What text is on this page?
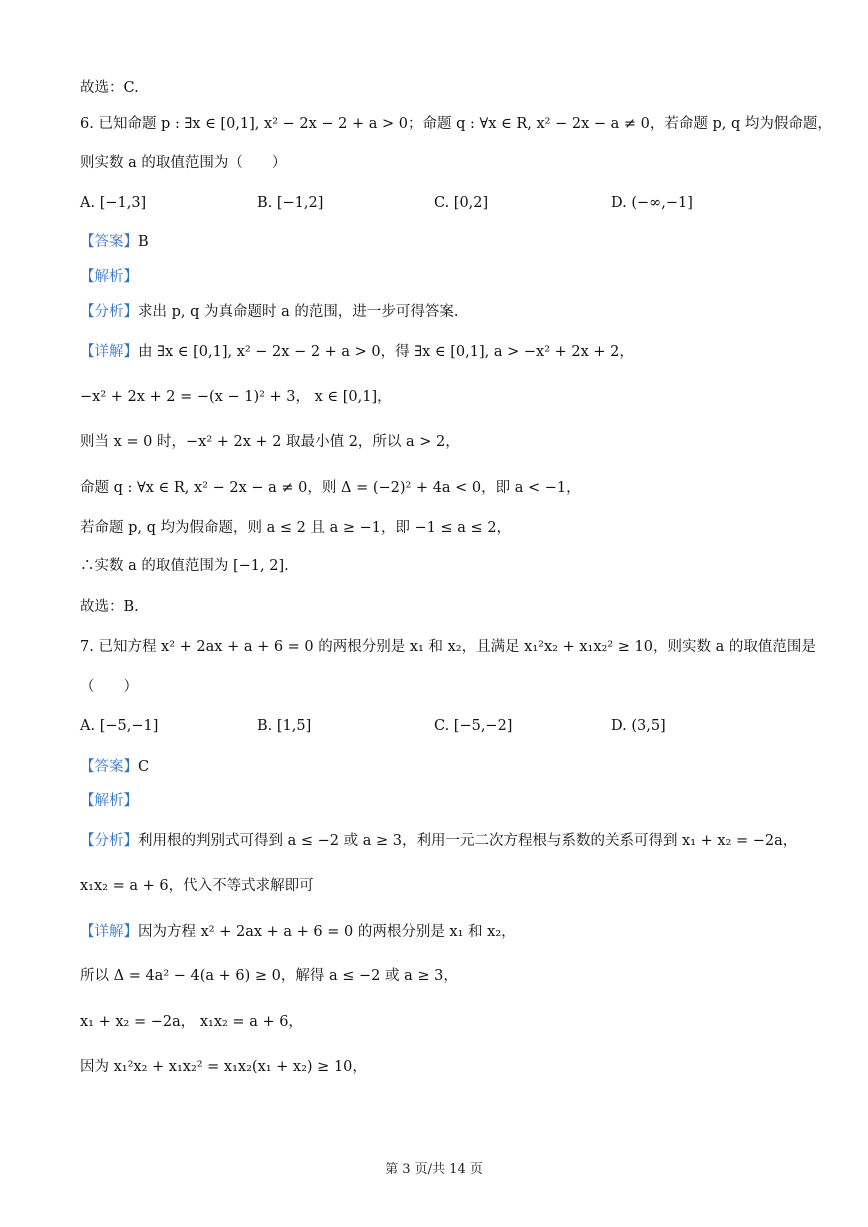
故选：C.
6. 已知命题 p : ∃x ∈ [0,1], x² − 2x − 2 + a > 0；命题 q : ∀x ∈ R, x² − 2x − a ≠ 0，若命题 p, q 均为假命题，
则实数 a 的取值范围为（　　）
A. [−1,3]	B. [−1,2]	C. [0,2]	D. (−∞,−1]
【答案】B
【解析】
【分析】求出 p, q 为真命题时 a 的范围，进一步可得答案.
【详解】由 ∃x ∈ [0,1], x² − 2x − 2 + a > 0，得 ∃x ∈ [0,1], a > −x² + 2x + 2，
−x² + 2x + 2 = −(x − 1)² + 3， x ∈ [0,1]，
则当 x = 0 时，−x² + 2x + 2 取最小值 2，所以 a > 2，
命题 q : ∀x ∈ R, x² − 2x − a ≠ 0，则 Δ = (−2)² + 4a < 0，即 a < −1，
若命题 p, q 均为假命题，则 a ≤ 2 且 a ≥ −1，即 −1 ≤ a ≤ 2，
∴实数 a 的取值范围为 [−1, 2].
故选：B.
7. 已知方程 x² + 2ax + a + 6 = 0 的两根分别是 x₁ 和 x₂，且满足 x₁²x₂ + x₁x₂² ≥ 10，则实数 a 的取值范围是
（　　）
A. [−5,−1]	B. [1,5]	C. [−5,−2]	D. (3,5]
【答案】C
【解析】
【分析】利用根的判别式可得到 a ≤ −2 或 a ≥ 3，利用一元二次方程根与系数的关系可得到 x₁ + x₂ = −2a，
x₁x₂ = a + 6，代入不等式求解即可
【详解】因为方程 x² + 2ax + a + 6 = 0 的两根分别是 x₁ 和 x₂，
所以 Δ = 4a² − 4(a + 6) ≥ 0，解得 a ≤ −2 或 a ≥ 3，
x₁ + x₂ = −2a， x₁x₂ = a + 6，
因为 x₁²x₂ + x₁x₂² = x₁x₂(x₁ + x₂) ≥ 10，
第 3 页/共 14 页
